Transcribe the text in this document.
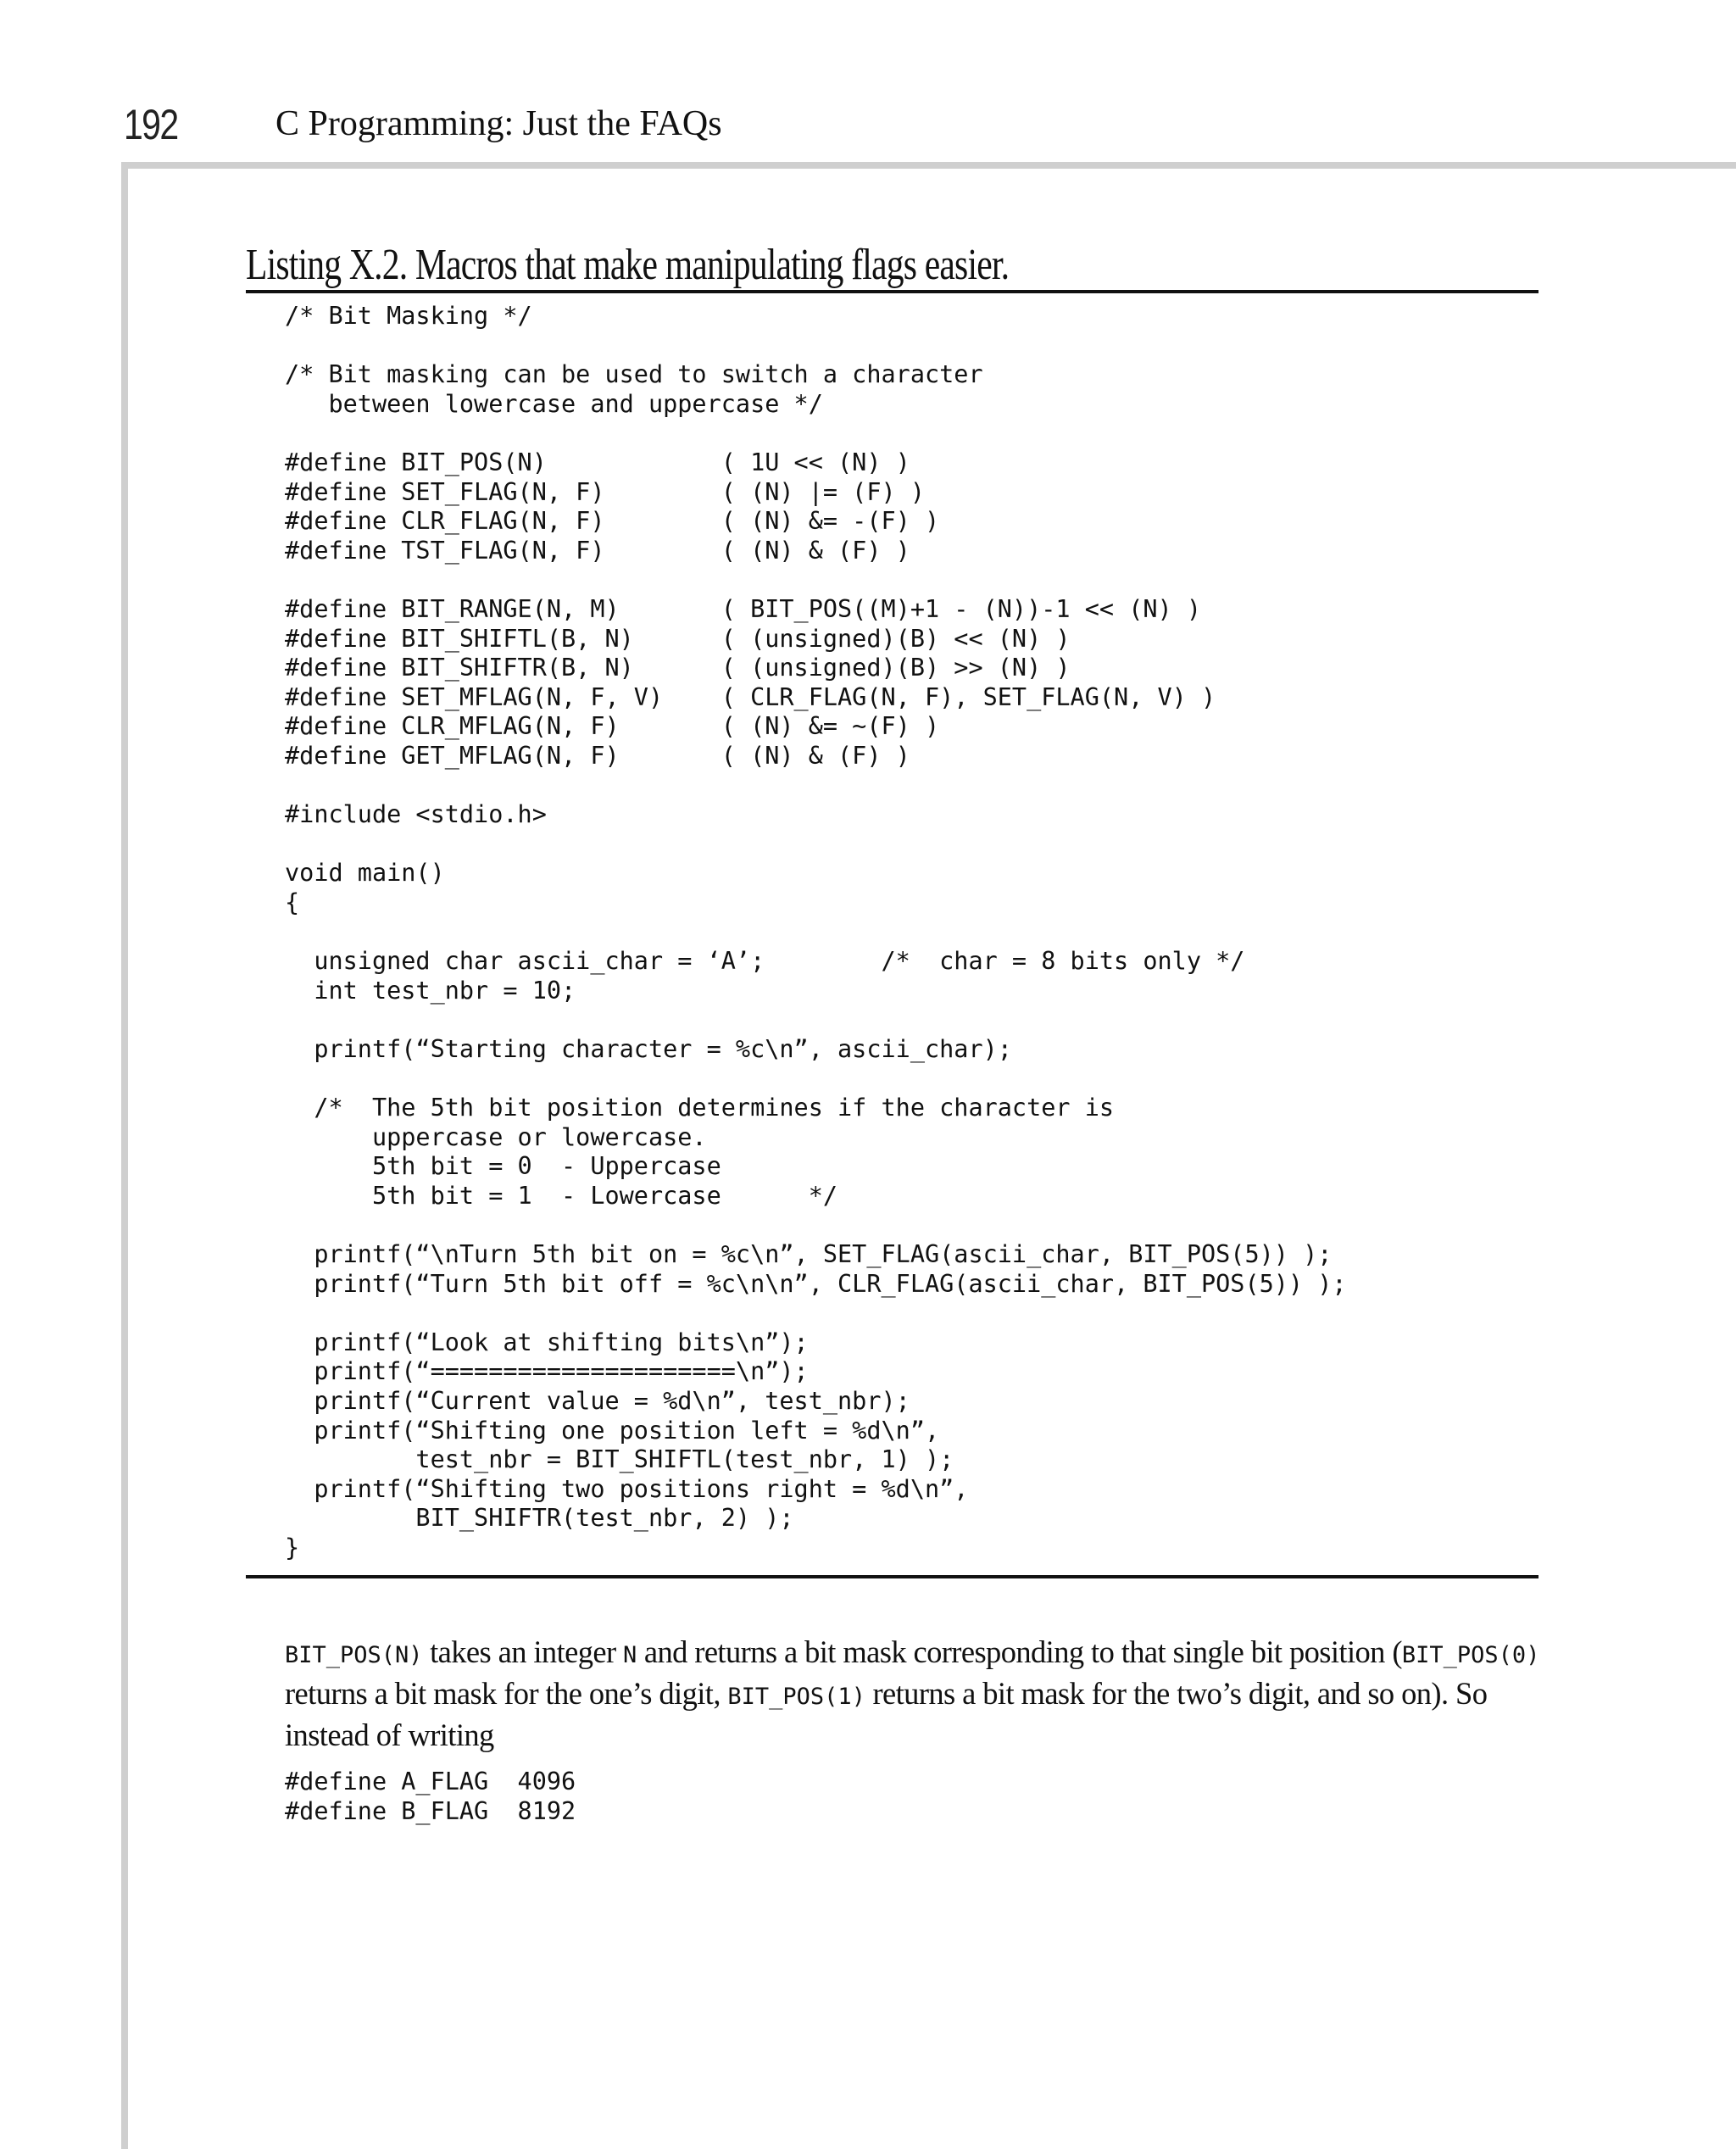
192	C Programming: Just the FAQs
Listing X.2. Macros that make manipulating flags easier.
/* Bit Masking */
/* Bit masking can be used to switch a character
between lowercase and uppercase */
#define BIT_POS(N)            ( 1U << (N) )
#define SET_FLAG(N, F)        ( (N) |= (F) )
#define CLR_FLAG(N, F)        ( (N) &= -(F) )
#define TST_FLAG(N, F)        ( (N) & (F) )
#define BIT_RANGE(N, M)       ( BIT_POS((M)+1 - (N))-1 << (N) )
#define BIT_SHIFTL(B, N)      ( (unsigned)(B) << (N) )
#define BIT_SHIFTR(B, N)      ( (unsigned)(B) >> (N) )
#define SET_MFLAG(N, F, V)    ( CLR_FLAG(N, F), SET_FLAG(N, V) )
#define CLR_MFLAG(N, F)       ( (N) &= ~(F) )
#define GET_MFLAG(N, F)       ( (N) & (F) )
#include <stdio.h>
void main()
{
unsigned char ascii_char = ‘A’;        /*  char = 8 bits only */
int test_nbr = 10;
printf(“Starting character = %c\n”, ascii_char);
/*  The 5th bit position determines if the character is
uppercase or lowercase.
5th bit = 0  - Uppercase
5th bit = 1  - Lowercase      */
printf(“\nTurn 5th bit on = %c\n”, SET_FLAG(ascii_char, BIT_POS(5)) );
printf(“Turn 5th bit off = %c\n\n”, CLR_FLAG(ascii_char, BIT_POS(5)) );
printf(“Look at shifting bits\n”);
printf(“=====================\n”);
printf(“Current value = %d\n”, test_nbr);
printf(“Shifting one position left = %d\n”,
test_nbr = BIT_SHIFTL(test_nbr, 1) );
printf(“Shifting two positions right = %d\n”,
BIT_SHIFTR(test_nbr, 2) );
}

BIT_POS(N) takes an integer N and returns a bit mask corresponding to that single bit position (BIT_POS(0) returns a bit mask for the one’s digit, BIT_POS(1) returns a bit mask for the two’s digit, and so on). So instead of writing

#define A_FLAG  4096
#define B_FLAG  8192
